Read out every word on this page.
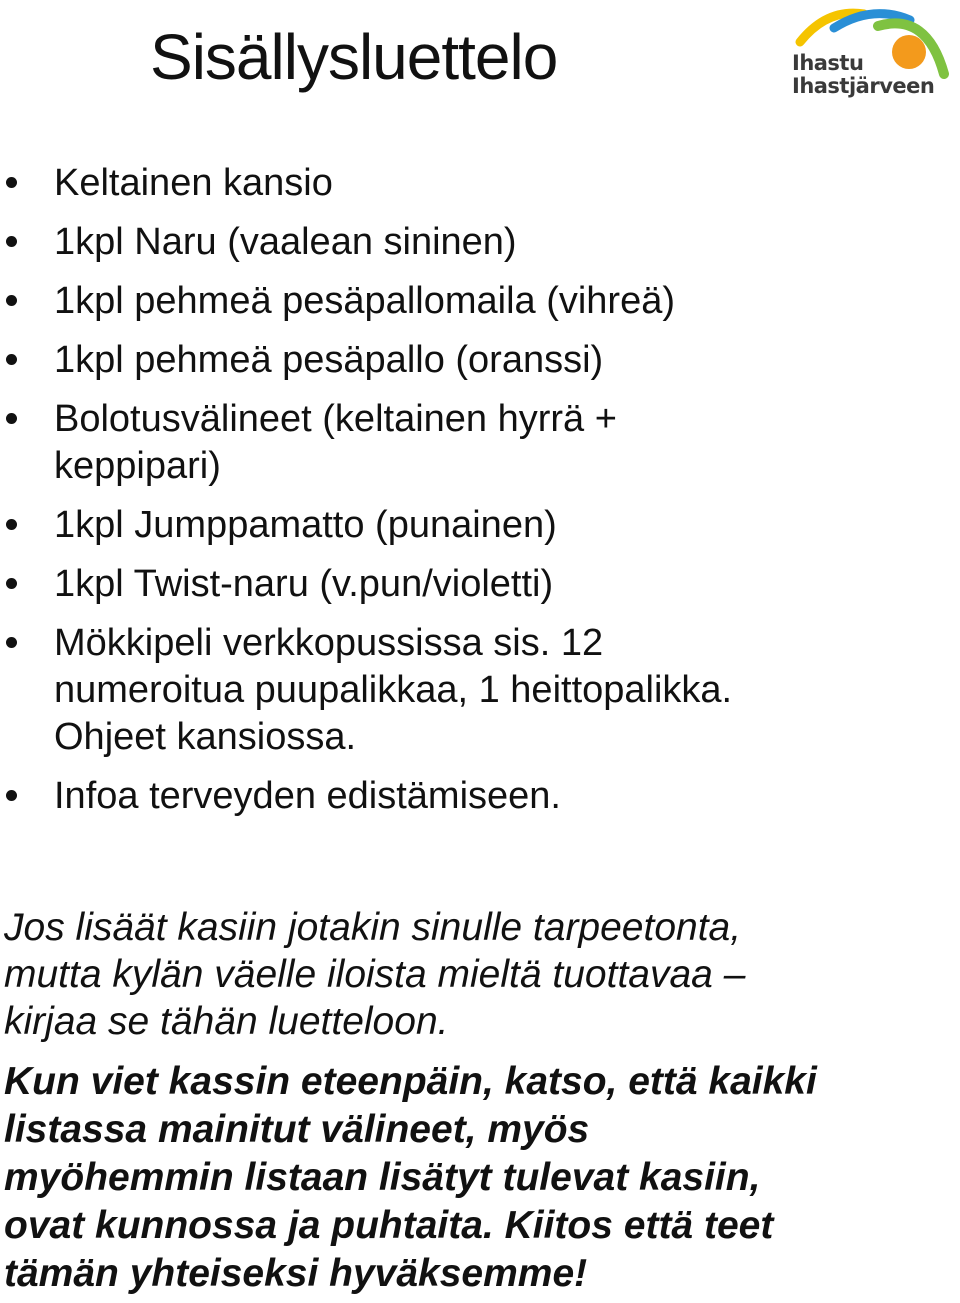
Sisällysluettelo	Ihastu
Ihastjärveen
Keltainen kansio
1kpl Naru (vaalean sininen)
1kpl pehmeä pesäpallomaila (vihreä)
1kpl pehmeä pesäpallo (oranssi)
Bolotusvälineet (keltainen hyrrä +
keppipari)
1kpl Jumppamatto (punainen)
1kpl Twist-naru (v.pun/violetti)
Mökkipeli verkkopussissa sis. 12
numeroitua puupalikkaa, 1 heittopalikka.
Ohjeet kansiossa.
Infoa terveyden edistämiseen.

Jos lisäät kasiin jotakin sinulle tarpeetonta,
mutta kylän väelle iloista mieltä tuottavaa –
kirjaa se tähän luetteloon.

Kun viet kassin eteenpäin, katso, että kaikki
listassa mainitut välineet, myös
myöhemmin listaan lisätyt tulevat kasiin,
ovat kunnossa ja puhtaita. Kiitos että teet
tämän yhteiseksi hyväksemme!
